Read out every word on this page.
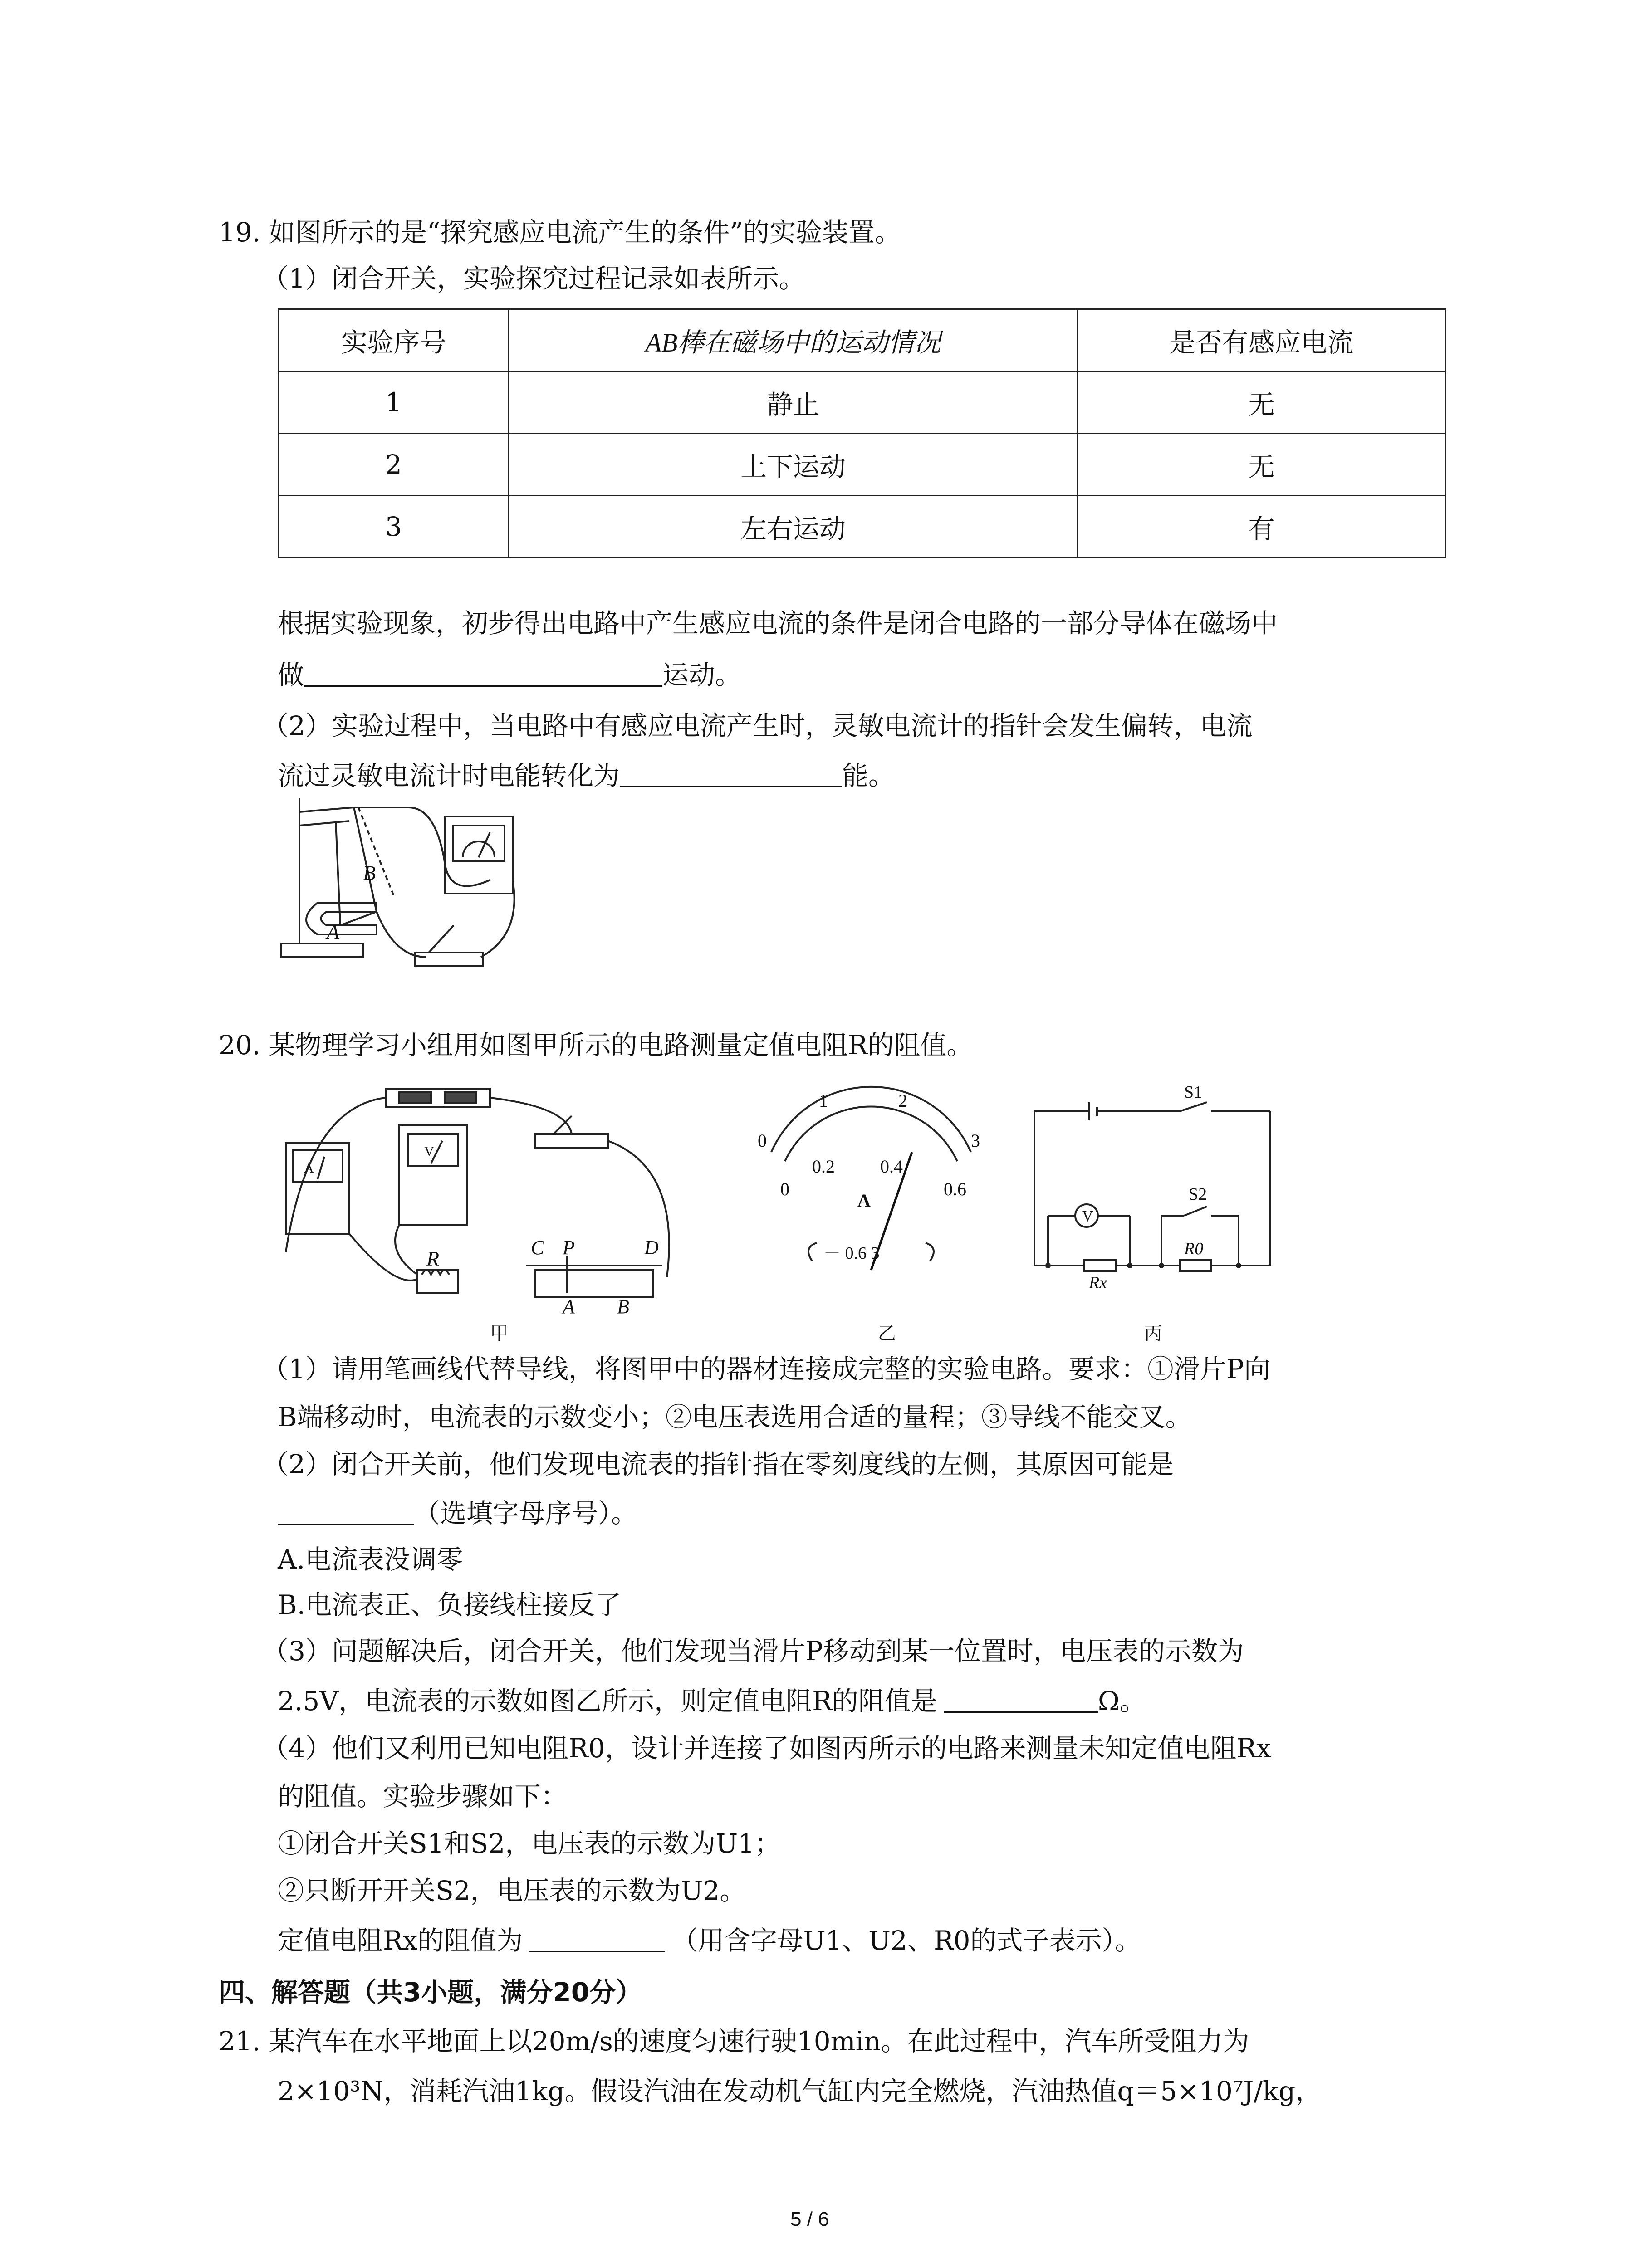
19. 如图所示的是“探究感应电流产生的条件”的实验装置。
（1）闭合开关，实验探究过程记录如表所示。
实验序号	AB棒在磁场中的运动情况	是否有感应电流
1	静止	无
2	上下运动	无
3	左右运动	有
根据实验现象，初步得出电路中产生感应电流的条件是闭合电路的一部分导体在磁场中
做	运动。
（2）实验过程中，当电路中有感应电流产生时，灵敏电流计的指针会发生偏转，电流
流过灵敏电流计时电能转化为	能。
A
B
20. 某物理学习小组用如图甲所示的电路测量定值电阻R的阻值。
A
V
R	C P	D
A B
甲
0
1	2
3
0.2	0.4
0	0.6
A
－ 0.6 3
乙
S1
S2
V
R0
Rx
丙
（1）请用笔画线代替导线，将图甲中的器材连接成完整的实验电路。要求：①滑片P向
B端移动时，电流表的示数变小；②电压表选用合适的量程；③导线不能交叉。
（2）闭合开关前，他们发现电流表的指针指在零刻度线的左侧，其原因可能是
（选填字母序号）。
A.电流表没调零
B.电流表正、负接线柱接反了
（3）问题解决后，闭合开关，他们发现当滑片P移动到某一位置时，电压表的示数为
2.5V，电流表的示数如图乙所示，则定值电阻R的阻值是	Ω。
（4）他们又利用已知电阻R0，设计并连接了如图丙所示的电路来测量未知定值电阻Rx
的阻值。实验步骤如下：
①闭合开关S1和S2，电压表的示数为U1；
②只断开开关S2，电压表的示数为U2。
定值电阻Rx的阻值为	（用含字母U1、U2、R0的式子表示）。
四、解答题（共3小题，满分20分）
21. 某汽车在水平地面上以20m/s的速度匀速行驶10min。在此过程中，汽车所受阻力为
2×10³N，消耗汽油1kg。假设汽油在发动机气缸内完全燃烧，汽油热值q＝5×10⁷J/kg，
5 / 6
